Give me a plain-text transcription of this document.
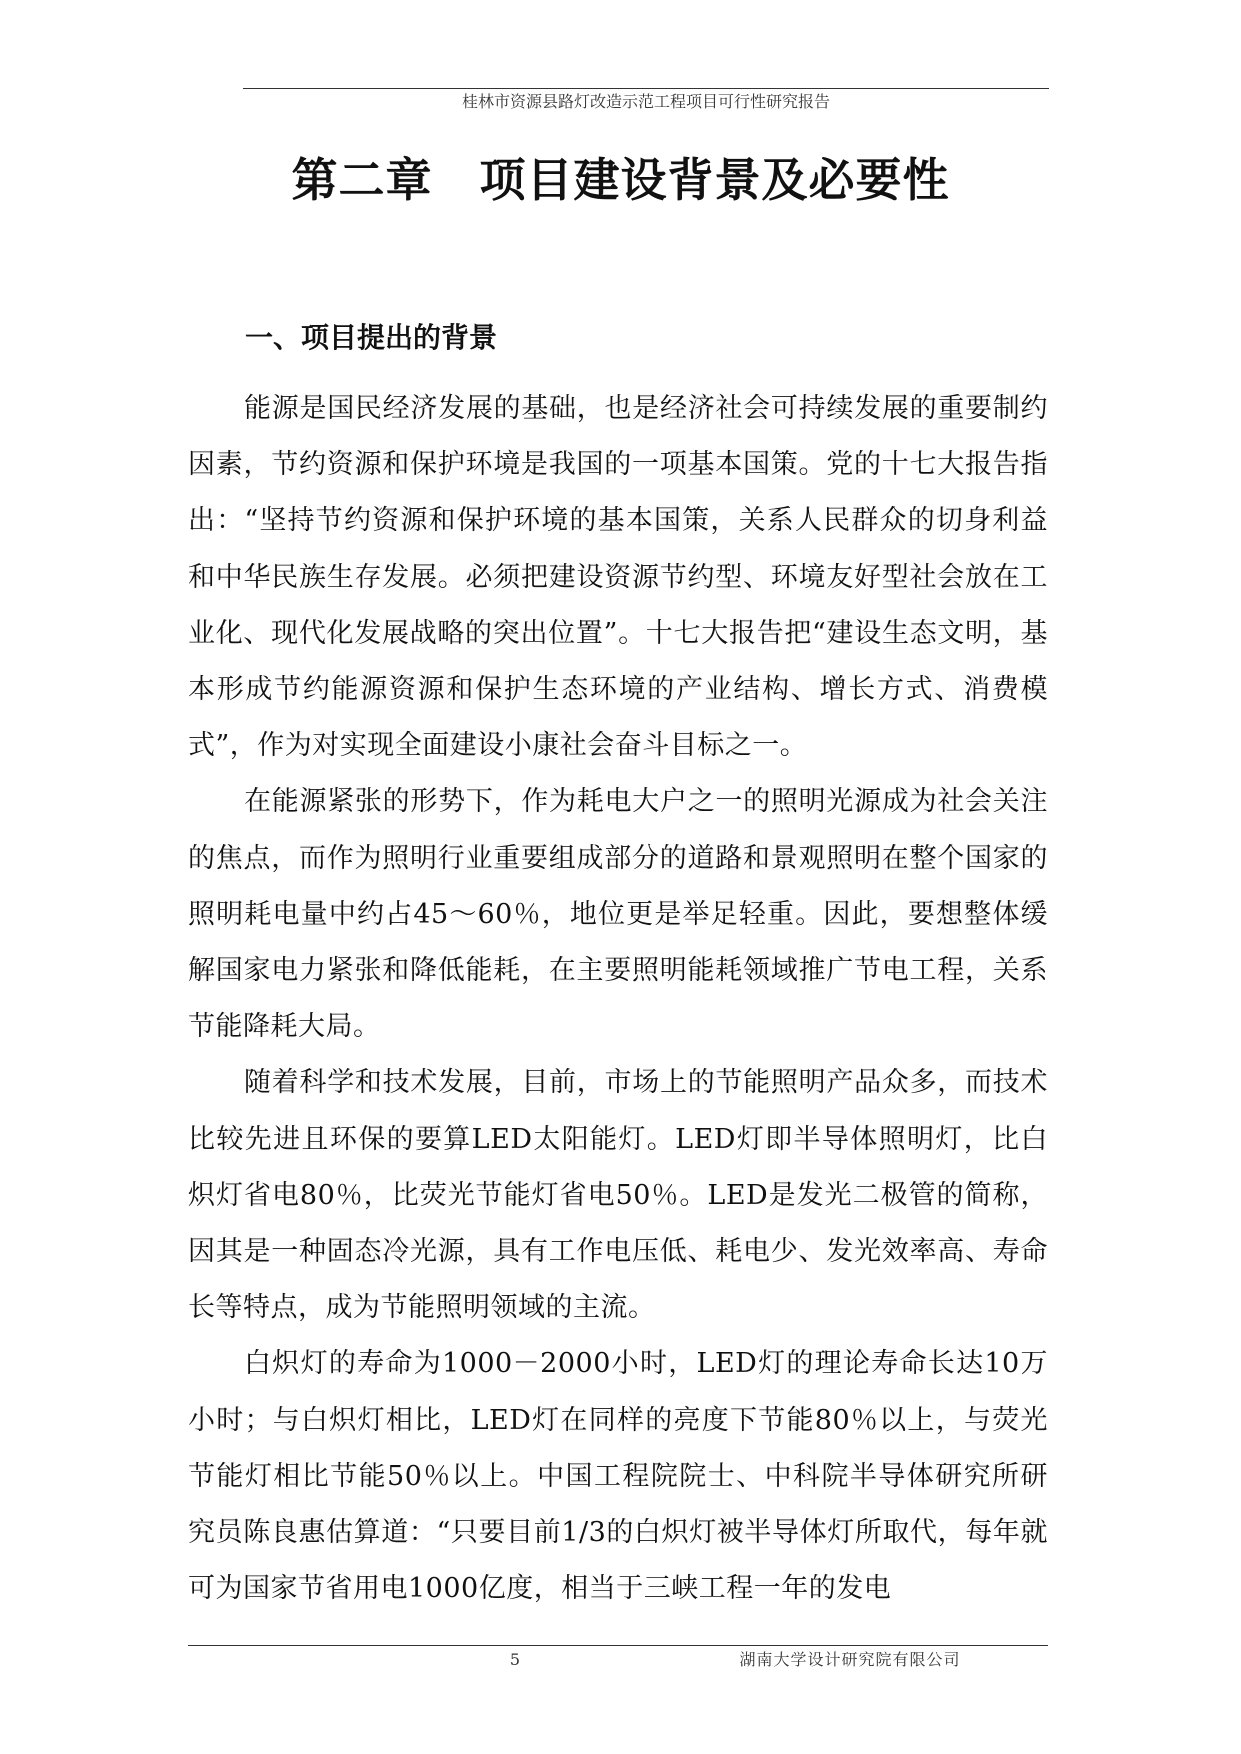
桂林市资源县路灯改造示范工程项目可行性研究报告
第二章　项目建设背景及必要性
一、项目提出的背景

能源是国民经济发展的基础，也是经济社会可持续发展的重要制约因素，节约资源和保护环境是我国的一项基本国策。党的十七大报告指出：“坚持节约资源和保护环境的基本国策，关系人民群众的切身利益和中华民族生存发展。必须把建设资源节约型、环境友好型社会放在工业化、现代化发展战略的突出位置”。十七大报告把“建设生态文明，基本形成节约能源资源和保护生态环境的产业结构、增长方式、消费模式”，作为对实现全面建设小康社会奋斗目标之一。

在能源紧张的形势下，作为耗电大户之一的照明光源成为社会关注的焦点，而作为照明行业重要组成部分的道路和景观照明在整个国家的照明耗电量中约占45～60％，地位更是举足轻重。因此，要想整体缓解国家电力紧张和降低能耗，在主要照明能耗领域推广节电工程，关系节能降耗大局。

随着科学和技术发展，目前，市场上的节能照明产品众多，而技术比较先进且环保的要算LED太阳能灯。LED灯即半导体照明灯，比白炽灯省电80％，比荧光节能灯省电50％。LED是发光二极管的简称，因其是一种固态冷光源，具有工作电压低、耗电少、发光效率高、寿命长等特点，成为节能照明领域的主流。

白炽灯的寿命为1000－2000小时，LED灯的理论寿命长达10万小时；与白炽灯相比，LED灯在同样的亮度下节能80％以上，与荧光节能灯相比节能50％以上。中国工程院院士、中科院半导体研究所研究员陈良惠估算道：“只要目前1/3的白炽灯被半导体灯所取代，每年就可为国家节省用电1000亿度，相当于三峡工程一年的发电

5	湖南大学设计研究院有限公司
